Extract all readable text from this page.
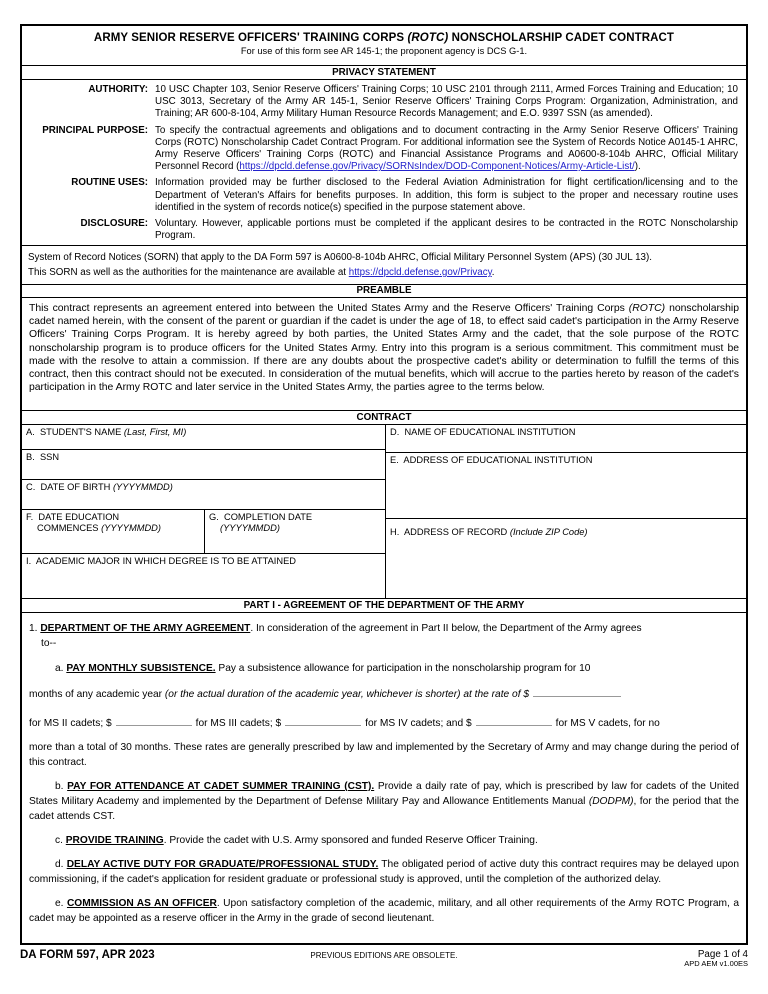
ARMY SENIOR RESERVE OFFICERS' TRAINING CORPS (ROTC) NONSCHOLARSHIP CADET CONTRACT
For use of this form see AR 145-1; the proponent agency is DCS G-1.
PRIVACY STATEMENT
AUTHORITY: 10 USC Chapter 103, Senior Reserve Officers' Training Corps; 10 USC 2101 through 2111, Armed Forces Training and Education; 10 USC 3013, Secretary of the Army AR 145-1, Senior Reserve Officers' Training Corps Program: Organization, Administration, and Training; AR 600-8-104, Army Military Human Resource Records Management; and E.O. 9397 SSN (as amended).
PRINCIPAL PURPOSE: To specify the contractual agreements and obligations and to document contracting in the Army Senior Reserve Officers' Training Corps (ROTC) Nonscholarship Cadet Contract Program. For additional information see the System of Records Notice A0145-1 AHRC, Army Reserve Officers' Training Corps (ROTC) and Financial Assistance Programs and A0600-8-104b AHRC, Official Military Personnel Record (https://dpcld.defense.gov/Privacy/SORNsIndex/DOD-Component-Notices/Army-Article-List/).
ROUTINE USES: Information provided may be further disclosed to the Federal Aviation Administration for flight certification/licensing and to the Department of Veteran's Affairs for benefits purposes. In addition, this form is subject to the proper and necessary routine uses identified in the system of records notice(s) specified in the purpose statement above.
DISCLOSURE: Voluntary. However, applicable portions must be completed if the applicant desires to be contracted in the ROTC Nonscholarship Program.
System of Record Notices (SORN) that apply to the DA Form 597 is A0600-8-104b AHRC, Official Military Personnel System (APS) (30 JUL 13).
This SORN as well as the authorities for the maintenance are available at https://dpcld.defense.gov/Privacy.
PREAMBLE
This contract represents an agreement entered into between the United States Army and the Reserve Officers' Training Corps (ROTC) nonscholarship cadet named herein, with the consent of the parent or guardian if the cadet is under the age of 18, to effect said cadet's participation in the Army Reserve Officers' Training Corps Program. It is hereby agreed by both parties, the United States Army and the cadet, that the sole purpose of the ROTC nonscholarship program is to produce officers for the United States Army. Entry into this program is a serious commitment. This commitment must be made with the resolve to attain a commission. If there are any doubts about the prospective cadet's ability or determination to fulfill the terms of this contract, then this contract should not be executed. In consideration of the mutual benefits, which will accrue to the parties hereto by reason of the cadet's participation in the Army ROTC and later service in the United States Army, the parties agree to the terms below.
CONTRACT
A.  STUDENT'S NAME (Last, First, MI)
B.  SSN
C.  DATE OF BIRTH (YYYYMMDD)
F.  DATE EDUCATION
COMMENCES (YYYYMMDD)
G.  COMPLETION DATE
(YYYYMMDD)
I.  ACADEMIC MAJOR IN WHICH DEGREE IS TO BE ATTAINED
D.  NAME OF EDUCATIONAL INSTITUTION
E.  ADDRESS OF EDUCATIONAL INSTITUTION
H.  ADDRESS OF RECORD (Include ZIP Code)
PART I - AGREEMENT OF THE DEPARTMENT OF THE ARMY
1. DEPARTMENT OF THE ARMY AGREEMENT. In consideration of the agreement in Part II below, the Department of the Army agrees
to--
a. PAY MONTHLY SUBSISTENCE. Pay a subsistence allowance for participation in the nonscholarship program for 10
months of any academic year (or the actual duration of the academic year, whichever is shorter) at the rate of $
for MS II cadets; $	for MS III cadets; $	for MS IV cadets; and $	for MS V cadets, for no
more than a total of 30 months. These rates are generally prescribed by law and implemented by the Secretary of Army and may change during the period of this contract.
b. PAY FOR ATTENDANCE AT CADET SUMMER TRAINING (CST). Provide a daily rate of pay, which is prescribed by law for cadets of the United States Military Academy and implemented by the Department of Defense Military Pay and Allowance Entitlements Manual (DODPM), for the period that the cadet attends CST.
c. PROVIDE TRAINING. Provide the cadet with U.S. Army sponsored and funded Reserve Officer Training.
d. DELAY ACTIVE DUTY FOR GRADUATE/PROFESSIONAL STUDY. The obligated period of active duty this contract requires may be delayed upon commissioning, if the cadet's application for resident graduate or professional study is approved, until the completion of the authorized delay.
e. COMMISSION AS AN OFFICER. Upon satisfactory completion of the academic, military, and all other requirements of the Army ROTC Program, a cadet may be appointed as a reserve officer in the Army in the grade of second lieutenant.
DA FORM 597, APR 2023	PREVIOUS EDITIONS ARE OBSOLETE.	Page 1 of 4
APD AEM v1.00ES
